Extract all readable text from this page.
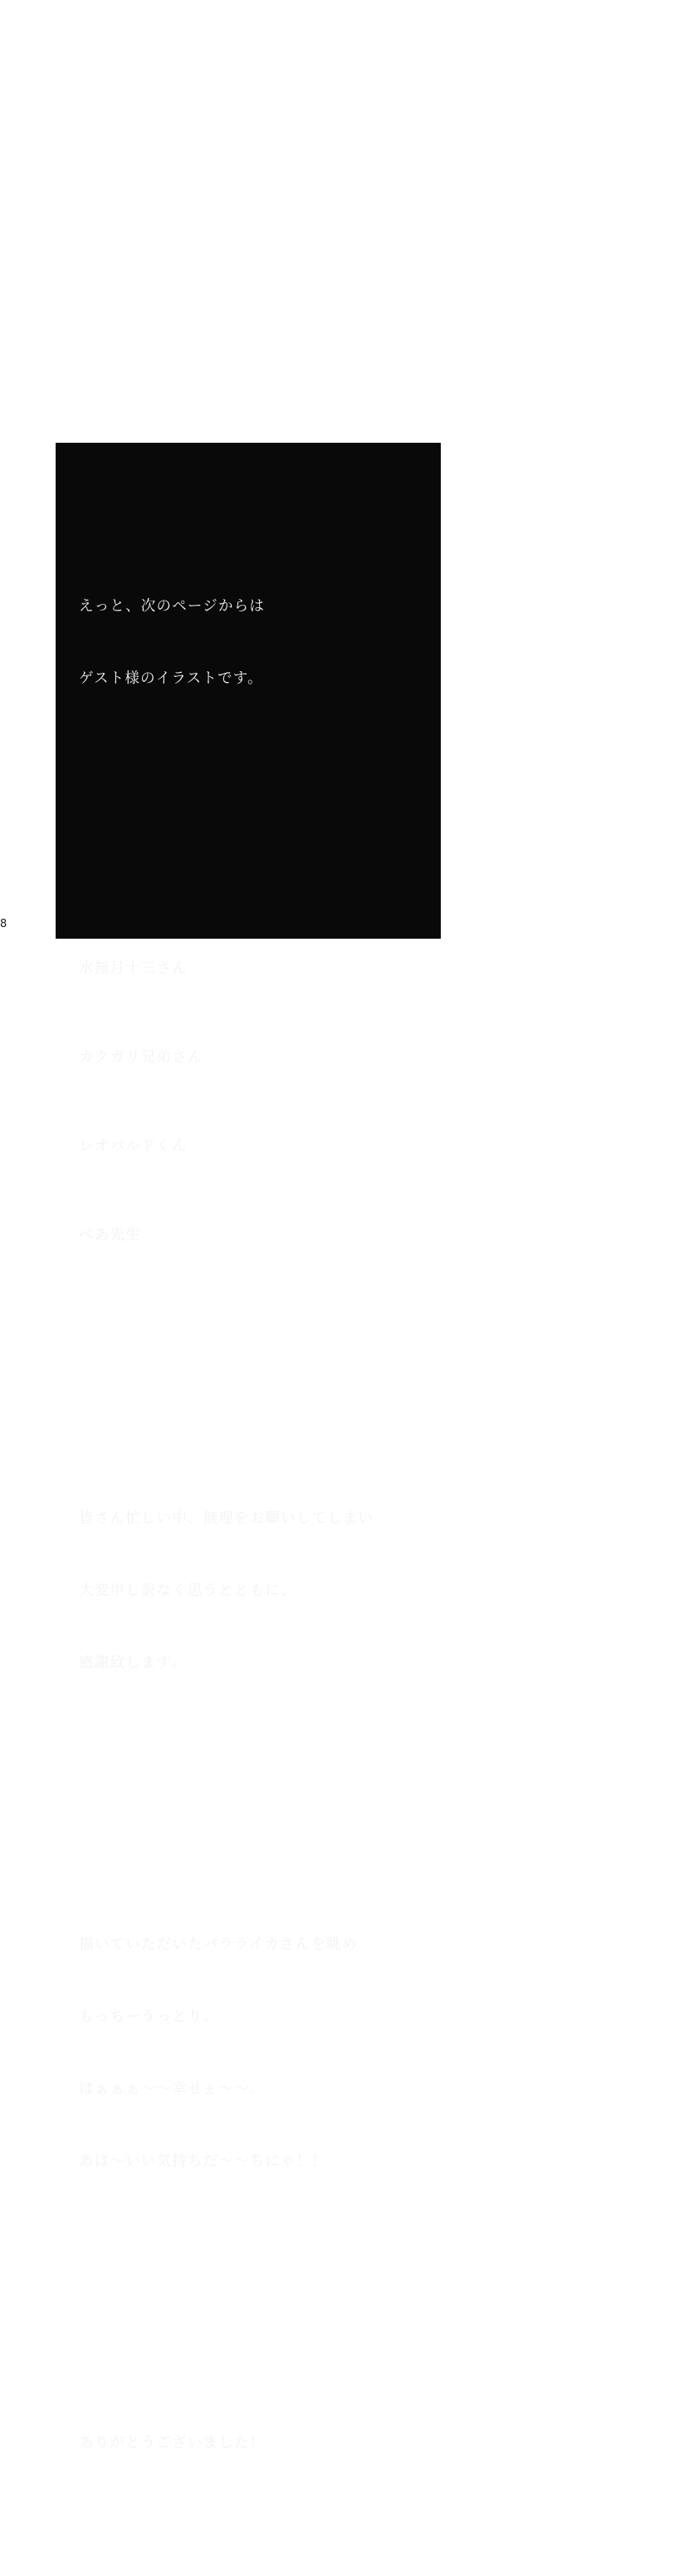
8

えっと、次のページからは

ゲスト様のイラストです。

水無月十三さん

カクガリ兄弟さん

レオパルドくん

べあ先生

皆さん忙しい中、無理をお願いしてしまい

大変申し訳なく思うとともに、

感謝致します。

描いていただいたバラライカさんを眺め

もっちーうっとり。

はぁぁぁ〜〜幸せぇ〜〜。

あは〜いい気持ちだ〜〜ちにゃ！！

ありがとうございました！
